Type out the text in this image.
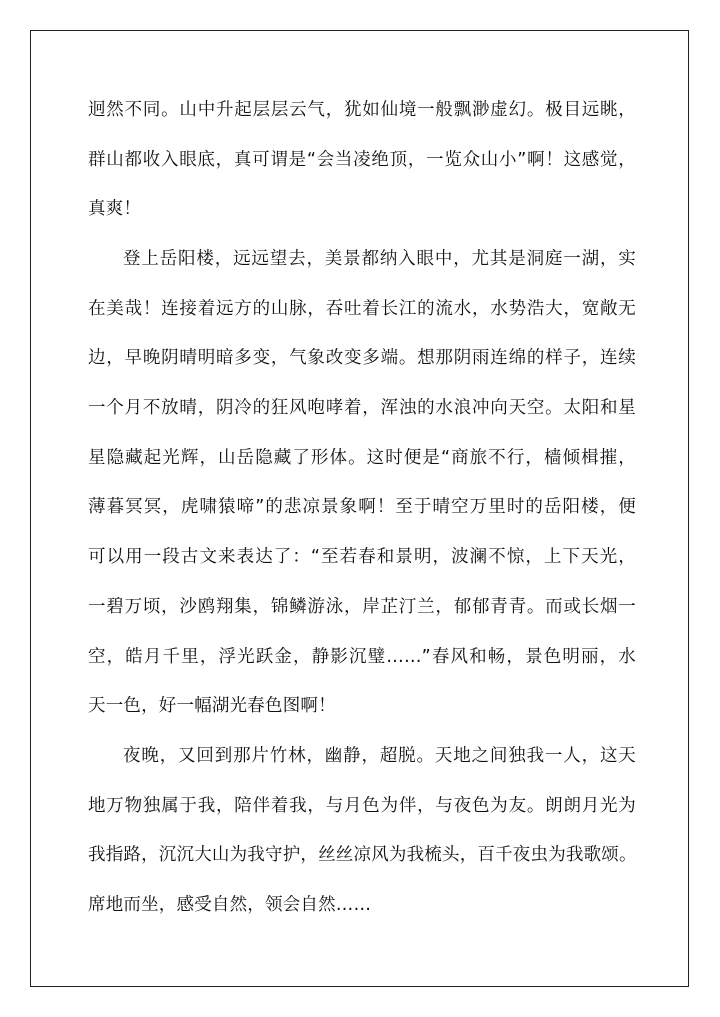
迥然不同。山中升起层层云气，犹如仙境一般飘渺虚幻。极目远眺，
群山都收入眼底，真可谓是“会当凌绝顶，一览众山小”啊！这感觉，
真爽！
登上岳阳楼，远远望去，美景都纳入眼中，尤其是洞庭一湖，实
在美哉！连接着远方的山脉，吞吐着长江的流水，水势浩大，宽敞无
边，早晚阴晴明暗多变，气象改变多端。想那阴雨连绵的样子，连续
一个月不放晴，阴冷的狂风咆哮着，浑浊的水浪冲向天空。太阳和星
星隐藏起光辉，山岳隐藏了形体。这时便是“商旅不行，樯倾楫摧，
薄暮冥冥，虎啸猿啼”的悲凉景象啊！至于晴空万里时的岳阳楼，便
可以用一段古文来表达了：“至若春和景明，波澜不惊，上下天光，
一碧万顷，沙鸥翔集，锦鳞游泳，岸芷汀兰，郁郁青青。而或长烟一
空，皓月千里，浮光跃金，静影沉璧……”春风和畅，景色明丽，水
天一色，好一幅湖光春色图啊！
夜晚，又回到那片竹林，幽静，超脱。天地之间独我一人，这天
地万物独属于我，陪伴着我，与月色为伴，与夜色为友。朗朗月光为
我指路，沉沉大山为我守护，丝丝凉风为我梳头，百千夜虫为我歌颂。
席地而坐，感受自然，领会自然……
